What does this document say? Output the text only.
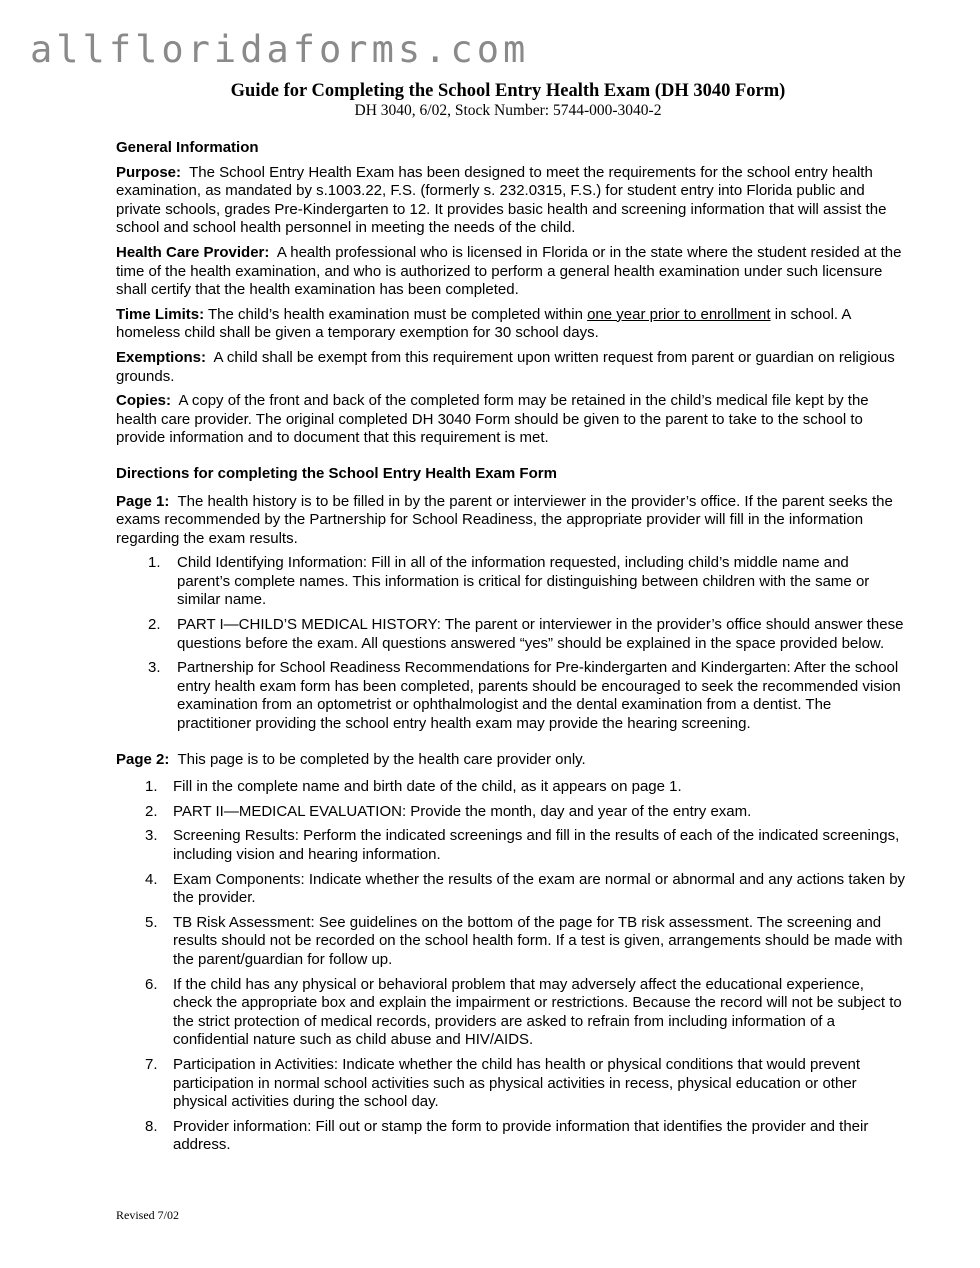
allfloridaforms.com
Guide for Completing the School Entry Health Exam (DH 3040 Form)
DH 3040, 6/02, Stock Number: 5744-000-3040-2

General Information

Purpose: The School Entry Health Exam has been designed to meet the requirements for the school entry health examination, as mandated by s.1003.22, F.S. (formerly s. 232.0315, F.S.) for student entry into Florida public and private schools, grades Pre-Kindergarten to 12. It provides basic health and screening information that will assist the school and school health personnel in meeting the needs of the child.

Health Care Provider: A health professional who is licensed in Florida or in the state where the student resided at the time of the health examination, and who is authorized to perform a general health examination under such licensure shall certify that the health examination has been completed.

Time Limits: The child’s health examination must be completed within one year prior to enrollment in school. A homeless child shall be given a temporary exemption for 30 school days.

Exemptions: A child shall be exempt from this requirement upon written request from parent or guardian on religious grounds.

Copies: A copy of the front and back of the completed form may be retained in the child’s medical file kept by the health care provider. The original completed DH 3040 Form should be given to the parent to take to the school to provide information and to document that this requirement is met.

Directions for completing the School Entry Health Exam Form

Page 1: The health history is to be filled in by the parent or interviewer in the provider’s office. If the parent seeks the exams recommended by the Partnership for School Readiness, the appropriate provider will fill in the information regarding the exam results.

1. Child Identifying Information: Fill in all of the information requested, including child’s middle name and parent’s complete names. This information is critical for distinguishing between children with the same or similar name.
2. PART I—CHILD’S MEDICAL HISTORY: The parent or interviewer in the provider’s office should answer these questions before the exam. All questions answered “yes” should be explained in the space provided below.
3. Partnership for School Readiness Recommendations for Pre-kindergarten and Kindergarten: After the school entry health exam form has been completed, parents should be encouraged to seek the recommended vision examination from an optometrist or ophthalmologist and the dental examination from a dentist. The practitioner providing the school entry health exam may provide the hearing screening.

Page 2: This page is to be completed by the health care provider only.

1. Fill in the complete name and birth date of the child, as it appears on page 1.
2. PART II—MEDICAL EVALUATION: Provide the month, day and year of the entry exam.
3. Screening Results: Perform the indicated screenings and fill in the results of each of the indicated screenings, including vision and hearing information.
4. Exam Components: Indicate whether the results of the exam are normal or abnormal and any actions taken by the provider.
5. TB Risk Assessment: See guidelines on the bottom of the page for TB risk assessment. The screening and results should not be recorded on the school health form. If a test is given, arrangements should be made with the parent/guardian for follow up.
6. If the child has any physical or behavioral problem that may adversely affect the educational experience, check the appropriate box and explain the impairment or restrictions. Because the record will not be subject to the strict protection of medical records, providers are asked to refrain from including information of a confidential nature such as child abuse and HIV/AIDS.
7. Participation in Activities: Indicate whether the child has health or physical conditions that would prevent participation in normal school activities such as physical activities in recess, physical education or other physical activities during the school day.
8. Provider information: Fill out or stamp the form to provide information that identifies the provider and their address.
Revised 7/02
